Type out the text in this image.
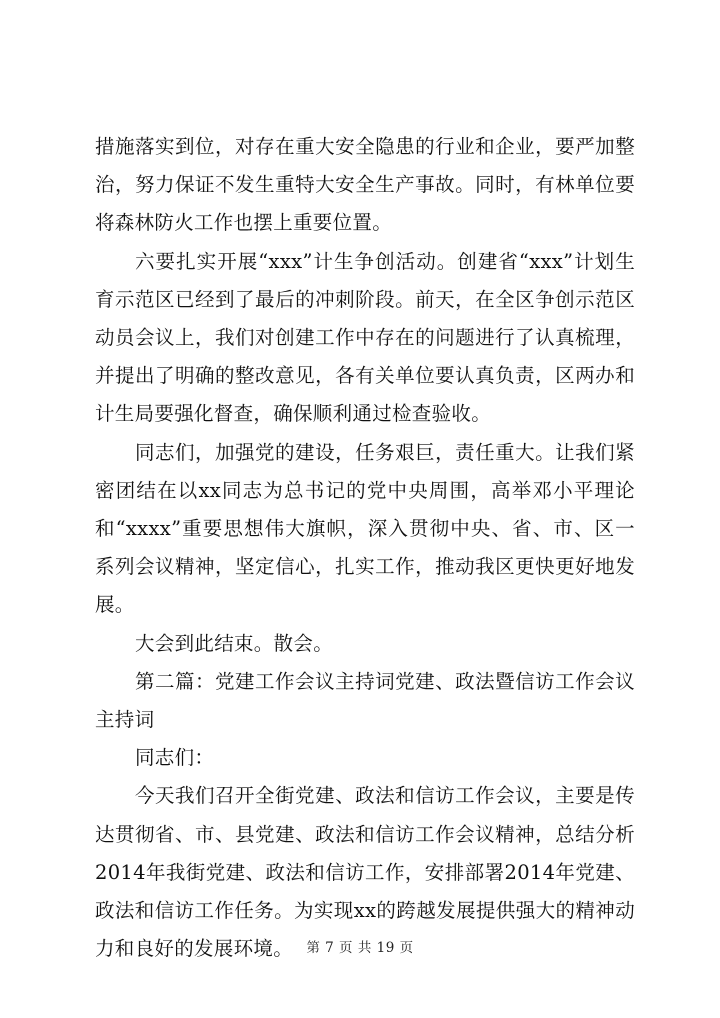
措施落实到位，对存在重大安全隐患的行业和企业，要严加整治，努力保证不发生重特大安全生产事故。同时，有林单位要将森林防火工作也摆上重要位置。

六要扎实开展“xxx”计生争创活动。创建省“xxx”计划生育示范区已经到了最后的冲刺阶段。前天，在全区争创示范区动员会议上，我们对创建工作中存在的问题进行了认真梳理，并提出了明确的整改意见，各有关单位要认真负责，区两办和计生局要强化督查，确保顺利通过检查验收。

同志们，加强党的建设，任务艰巨，责任重大。让我们紧密团结在以xx同志为总书记的党中央周围，高举邓小平理论和“xxxx”重要思想伟大旗帜，深入贯彻中央、省、市、区一系列会议精神，坚定信心，扎实工作，推动我区更快更好地发展。

大会到此结束。散会。

第二篇：党建工作会议主持词党建、政法暨信访工作会议主持词

同志们：

今天我们召开全街党建、政法和信访工作会议，主要是传达贯彻省、市、县党建、政法和信访工作会议精神，总结分析2014年我街党建、政法和信访工作，安排部署2014年党建、政法和信访工作任务。为实现xx的跨越发展提供强大的精神动力和良好的发展环境。 第 7 页 共 19 页
